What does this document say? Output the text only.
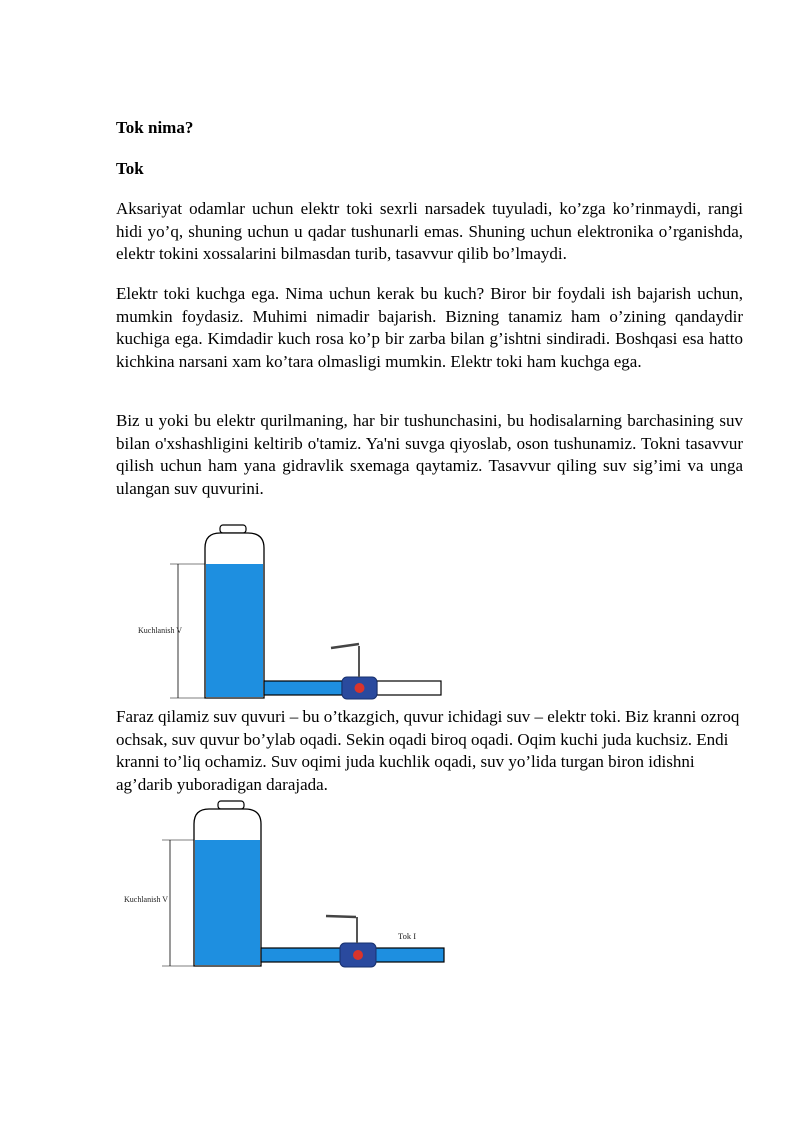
Tok nima?
Tok

Aksariyat odamlar uchun elektr toki sexrli narsadek tuyuladi, ko’zga ko’rinmaydi, rangi hidi yo’q, shuning uchun u qadar tushunarli emas. Shuning uchun elektronika o’rganishda, elektr tokini xossalarini bilmasdan turib, tasavvur qilib bo’lmaydi.

Elektr toki kuchga ega. Nima uchun kerak bu kuch? Biror bir foydali ish bajarish uchun, mumkin foydasiz. Muhimi nimadir bajarish. Bizning tanamiz ham o’zining qandaydir kuchiga ega. Kimdadir kuch rosa ko’p bir zarba bilan g’ishtni sindiradi. Boshqasi esa hatto kichkina narsani xam ko’tara olmasligi mumkin. Elektr toki ham kuchga ega.

Biz u yoki bu elektr qurilmaning, har bir tushunchasini, bu hodisalarning barchasining suv bilan o'xshashligini keltirib o'tamiz. Ya'ni suvga qiyoslab, oson tushunamiz. Tokni tasavvur qilish uchun ham yana gidravlik sxemaga qaytamiz. Tasavvur qiling suv sig’imi va unga ulangan suv quvurini.

Kuchlanish V

Faraz qilamiz suv quvuri – bu o’tkazgich, quvur ichidagi suv – elektr toki. Biz kranni ozroq ochsak, suv quvur bo’ylab oqadi. Sekin oqadi biroq oqadi. Oqim kuchi juda kuchsiz. Endi kranni to’liq ochamiz. Suv oqimi juda kuchlik oqadi, suv yo’lida turgan biron idishni ag’darib yuboradigan darajada.

Kuchlanish V
Tok I
